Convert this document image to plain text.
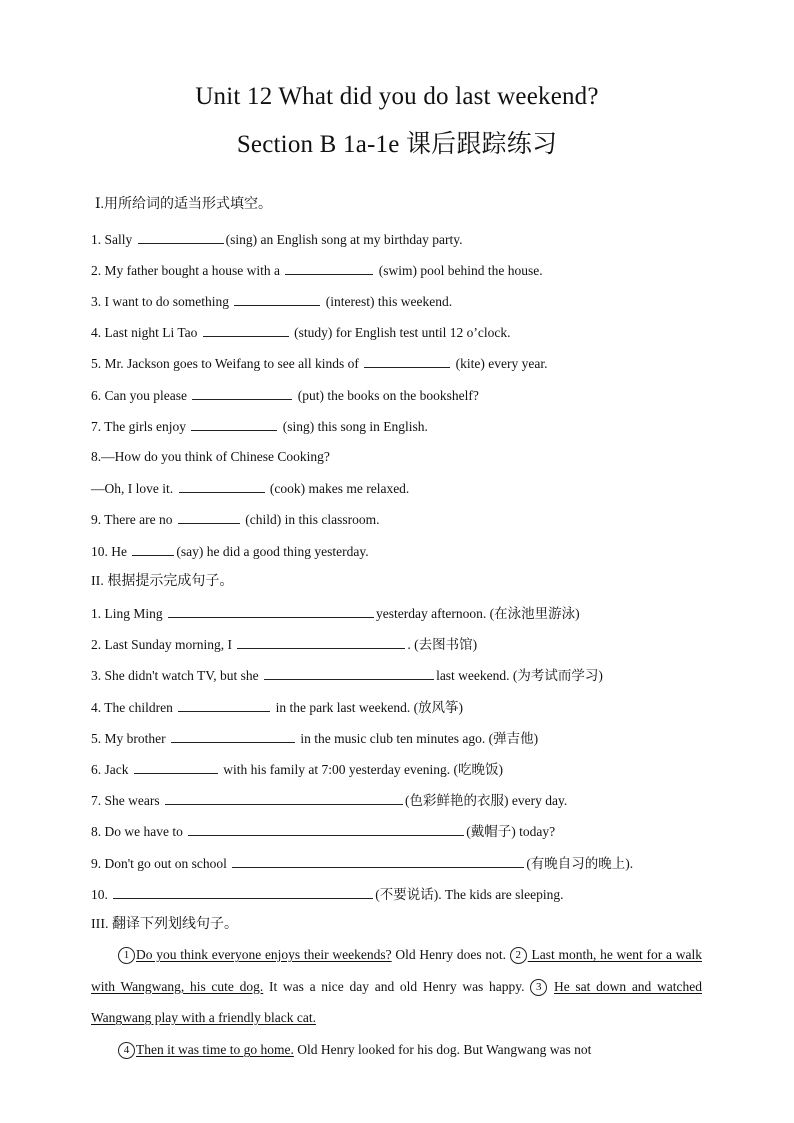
Unit 12 What did you do last weekend?
Section B 1a-1e 课后跟踪练习
Ⅰ.用所给词的适当形式填空。
1. Sally	(sing) an English song at my birthday party.
2. My father bought a house with a	(swim) pool behind the house.
3. I want to do something	(interest) this weekend.
4. Last night Li Tao	(study) for English test until 12 o’clock.
5. Mr. Jackson goes to Weifang to see all kinds of	(kite) every year.
6. Can you please	(put) the books on the bookshelf?
7. The girls enjoy	(sing) this song in English.
8.—How do you think of Chinese Cooking?
—Oh, I love it.	(cook) makes me relaxed.
9. There are no	(child) in this classroom.
10. He	(say) he did a good thing yesterday.
II. 根据提示完成句子。
1. Ling Ming	yesterday afternoon. (在泳池里游泳)
2. Last Sunday morning, I	. (去图书馆)
3. She didn't watch TV, but she	last weekend. (为考试而学习)
4. The children	in the park last weekend. (放风筝)
5. My brother	in the music club ten minutes ago. (弹吉他)
6. Jack	with his family at 7:00 yesterday evening. (吃晚饭)
7. She wears	(色彩鲜艳的衣服) every day.
8. Do we have to	(戴帽子) today?
9. Don't go out on school	(有晚自习的晚上).
10.	(不要说话). The kids are sleeping.
III. 翻译下列划线句子。
1 Do you think everyone enjoys their weekends? Old Henry does not. 2 Last month, he went for a walk with Wangwang, his cute dog. It was a nice day and old Henry was happy. 3 He sat down and watched Wangwang play with a friendly black cat.
4 Then it was time to go home. Old Henry looked for his dog. But Wangwang was not
